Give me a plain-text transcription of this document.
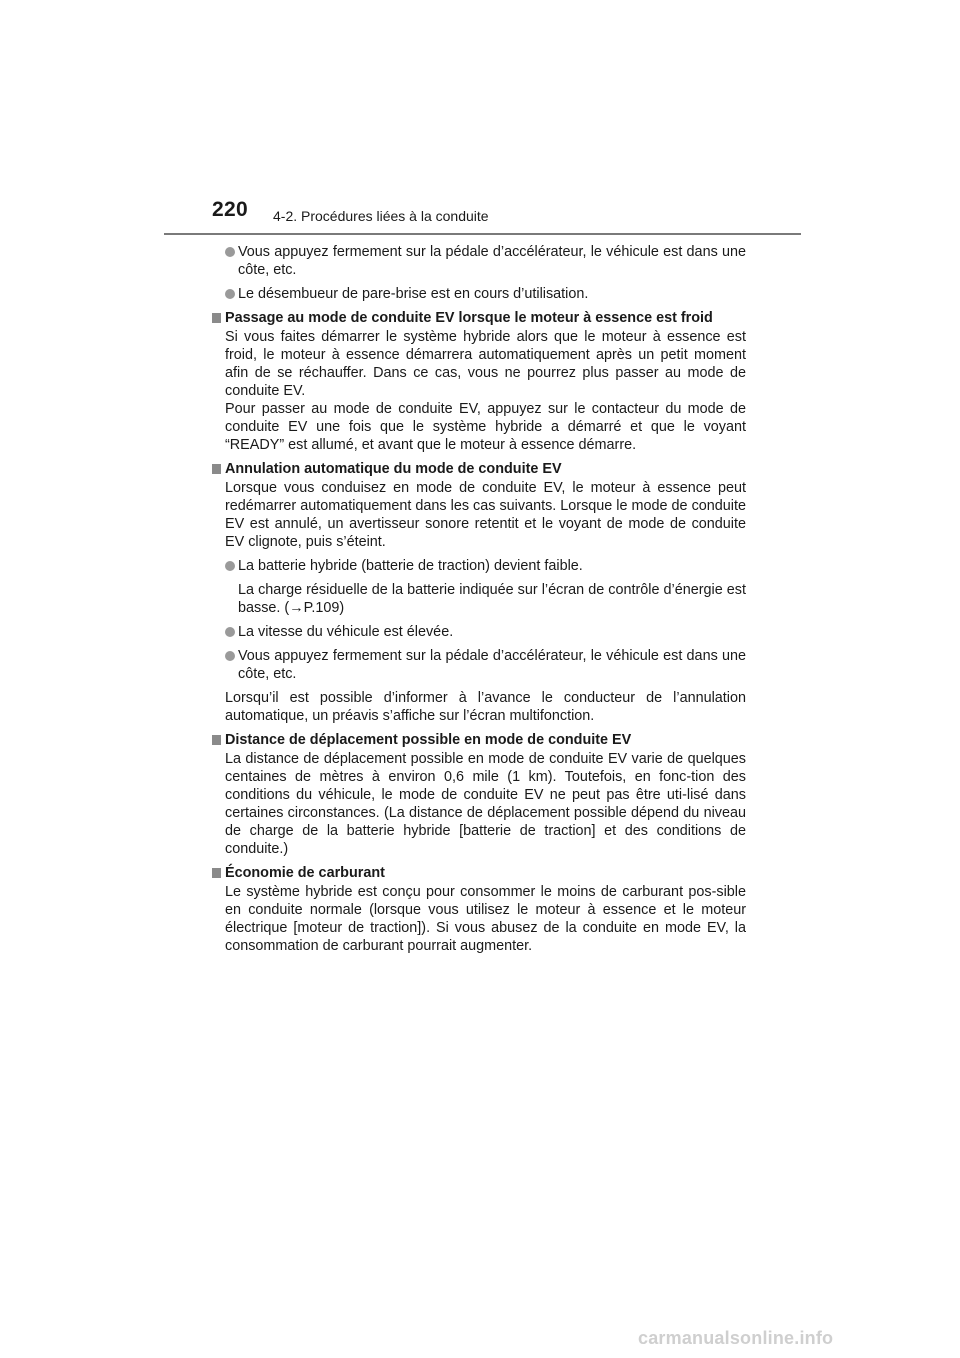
220 4-2. Procédures liées à la conduite

Vous appuyez fermement sur la pédale d’accélérateur, le véhicule est dans une côte, etc.

Le désembueur de pare-brise est en cours d’utilisation.

Passage au mode de conduite EV lorsque le moteur à essence est froid

Si vous faites démarrer le système hybride alors que le moteur à essence est froid, le moteur à essence démarrera automatiquement après un petit moment afin de se réchauffer. Dans ce cas, vous ne pourrez plus passer au mode de conduite EV.

Pour passer au mode de conduite EV, appuyez sur le contacteur du mode de conduite EV une fois que le système hybride a démarré et que le voyant “READY” est allumé, et avant que le moteur à essence démarre.

Annulation automatique du mode de conduite EV

Lorsque vous conduisez en mode de conduite EV, le moteur à essence peut redémarrer automatiquement dans les cas suivants. Lorsque le mode de conduite EV est annulé, un avertisseur sonore retentit et le voyant de mode de conduite EV clignote, puis s’éteint.

La batterie hybride (batterie de traction) devient faible.

La charge résiduelle de la batterie indiquée sur l’écran de contrôle d’énergie est basse. (→P.109)

La vitesse du véhicule est élevée.

Vous appuyez fermement sur la pédale d’accélérateur, le véhicule est dans une côte, etc.

Lorsqu’il est possible d’informer à l’avance le conducteur de l’annulation automatique, un préavis s’affiche sur l’écran multifonction.

Distance de déplacement possible en mode de conduite EV

La distance de déplacement possible en mode de conduite EV varie de quelques centaines de mètres à environ 0,6 mile (1 km). Toutefois, en fonc-tion des conditions du véhicule, le mode de conduite EV ne peut pas être uti-lisé dans certaines circonstances. (La distance de déplacement possible dépend du niveau de charge de la batterie hybride [batterie de traction] et des conditions de conduite.)

Économie de carburant

Le système hybride est conçu pour consommer le moins de carburant pos-sible en conduite normale (lorsque vous utilisez le moteur à essence et le moteur électrique [moteur de traction]). Si vous abusez de la conduite en mode EV, la consommation de carburant pourrait augmenter.

carmanualsonline.info
